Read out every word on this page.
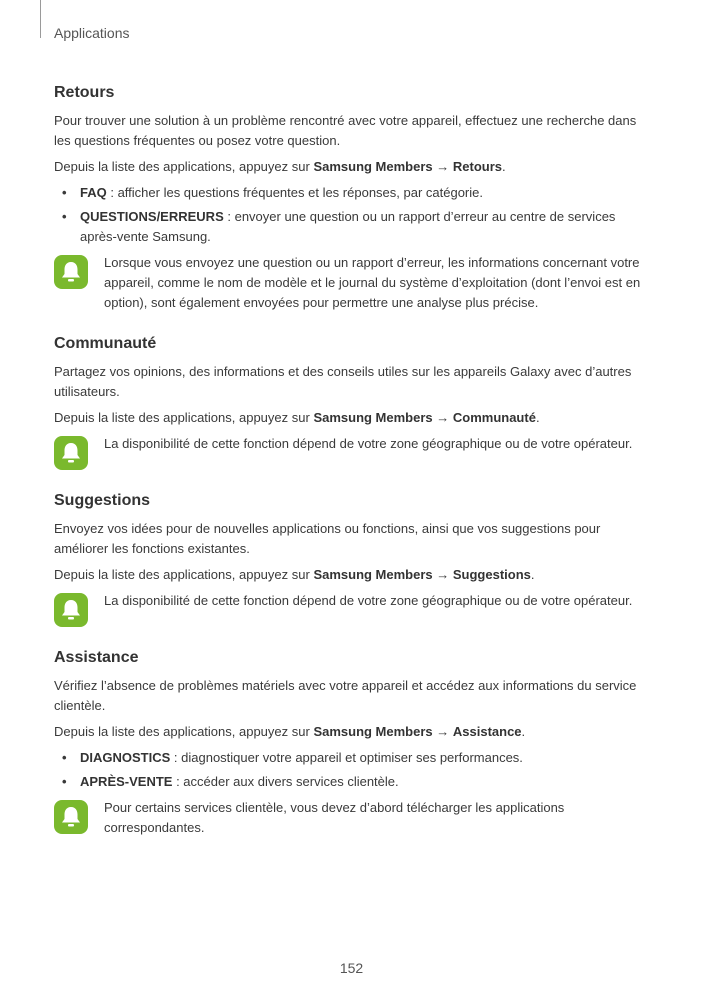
Applications
Retours

Pour trouver une solution à un problème rencontré avec votre appareil, effectuez une recherche dans les questions fréquentes ou posez votre question.

Depuis la liste des applications, appuyez sur Samsung Members → Retours.

• FAQ : afficher les questions fréquentes et les réponses, par catégorie.
• QUESTIONS/ERREURS : envoyer une question ou un rapport d’erreur au centre de services après-vente Samsung.
Lorsque vous envoyez une question ou un rapport d’erreur, les informations concernant votre appareil, comme le nom de modèle et le journal du système d’exploitation (dont l’envoi est en option), sont également envoyées pour permettre une analyse plus précise.
Communauté

Partagez vos opinions, des informations et des conseils utiles sur les appareils Galaxy avec d’autres utilisateurs.

Depuis la liste des applications, appuyez sur Samsung Members → Communauté.

La disponibilité de cette fonction dépend de votre zone géographique ou de votre opérateur.
Suggestions

Envoyez vos idées pour de nouvelles applications ou fonctions, ainsi que vos suggestions pour améliorer les fonctions existantes.

Depuis la liste des applications, appuyez sur Samsung Members → Suggestions.

La disponibilité de cette fonction dépend de votre zone géographique ou de votre opérateur.
Assistance

Vérifiez l’absence de problèmes matériels avec votre appareil et accédez aux informations du service clientèle.

Depuis la liste des applications, appuyez sur Samsung Members → Assistance.

• DIAGNOSTICS : diagnostiquer votre appareil et optimiser ses performances.
• APRÈS-VENTE : accéder aux divers services clientèle.
Pour certains services clientèle, vous devez d’abord télécharger les applications correspondantes.
152
